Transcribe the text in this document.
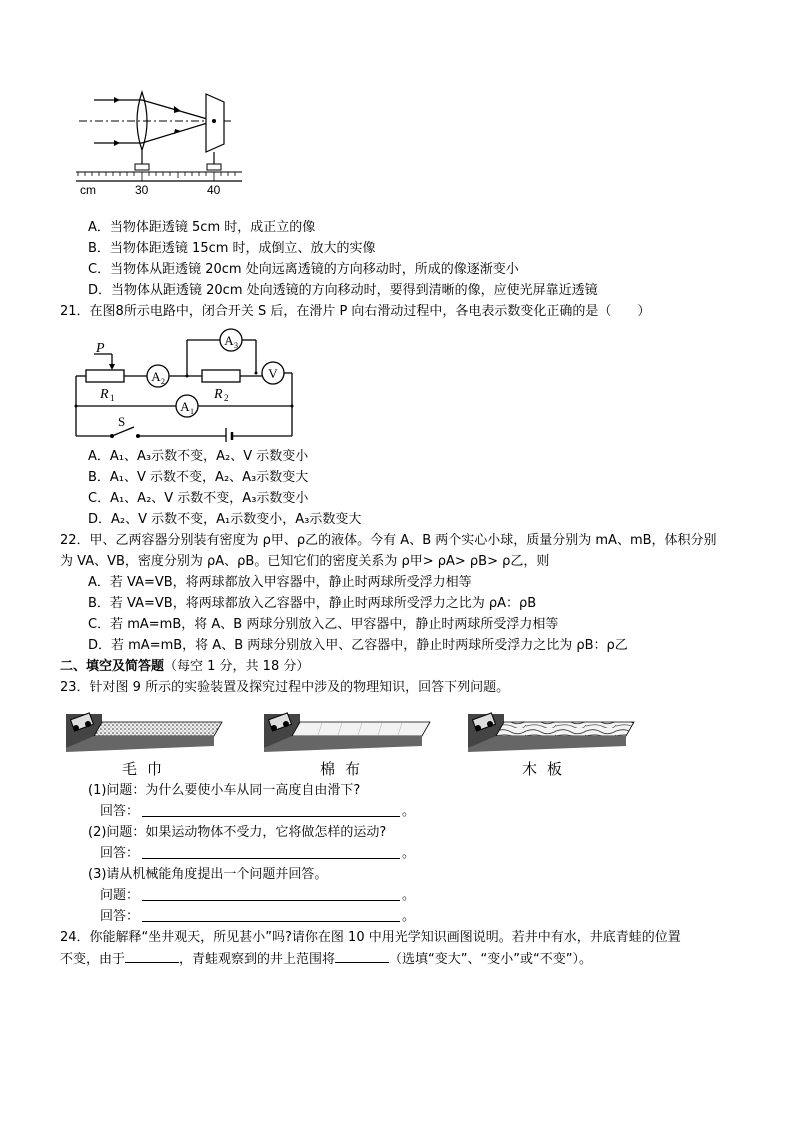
cm	30	40
A．当物体距透镜 5cm 时，成正立的像
B．当物体距透镜 15cm 时，成倒立、放大的实像
C．当物体从距透镜 20cm 处向远离透镜的方向移动时，所成的像逐渐变小
D．当物体从距透镜 20cm 处向透镜的方向移动时，要得到清晰的像，应使光屏靠近透镜
21．在图8所示电路中，闭合开关 S 后，在滑片 P 向右滑动过程中，各电表示数变化正确的是（　　）
P
R 1	R 2
S
A 2
V
A 3
A 1
A．A₁、A₃示数不变，A₂、V 示数变小
B．A₁、V 示数不变，A₂、A₃示数变大
C．A₁、A₂、V 示数不变，A₃示数变小
D．A₂、V 示数不变，A₁示数变小，A₃示数变大
22．甲、乙两容器分别装有密度为 ρ甲、ρ乙的液体。今有 A、B 两个实心小球，质量分别为 mA、mB，体积分别
为 VA、VB，密度分别为 ρA、ρB。已知它们的密度关系为 ρ甲> ρA> ρB> ρ乙，则
A．若 VA=VB，将两球都放入甲容器中，静止时两球所受浮力相等
B．若 VA=VB，将两球都放入乙容器中，静止时两球所受浮力之比为 ρA：ρB
C．若 mA=mB，将 A、B 两球分别放入乙、甲容器中，静止时两球所受浮力相等
D．若 mA=mB，将 A、B 两球分别放入甲、乙容器中，静止时两球所受浮力之比为 ρB：ρ乙
二、填空及简答题（每空 1 分，共 18 分）
23．针对图 9 所示的实验装置及探究过程中涉及的物理知识，回答下列问题。
毛巾	棉布	木板
(1)问题：为什么要使小车从同一高度自由滑下?
回答：	。
(2)问题：如果运动物体不受力，它将做怎样的运动?
回答：	。
(3)请从机械能角度提出一个问题并回答。
问题：	。
回答：	。
24．你能解释“坐井观天，所见甚小”吗?请你在图 10 中用光学知识画图说明。若井中有水，井底青蛙的位置
不变，由于	，青蛙观察到的井上范围将	（选填“变大”、“变小”或“不变”）。
